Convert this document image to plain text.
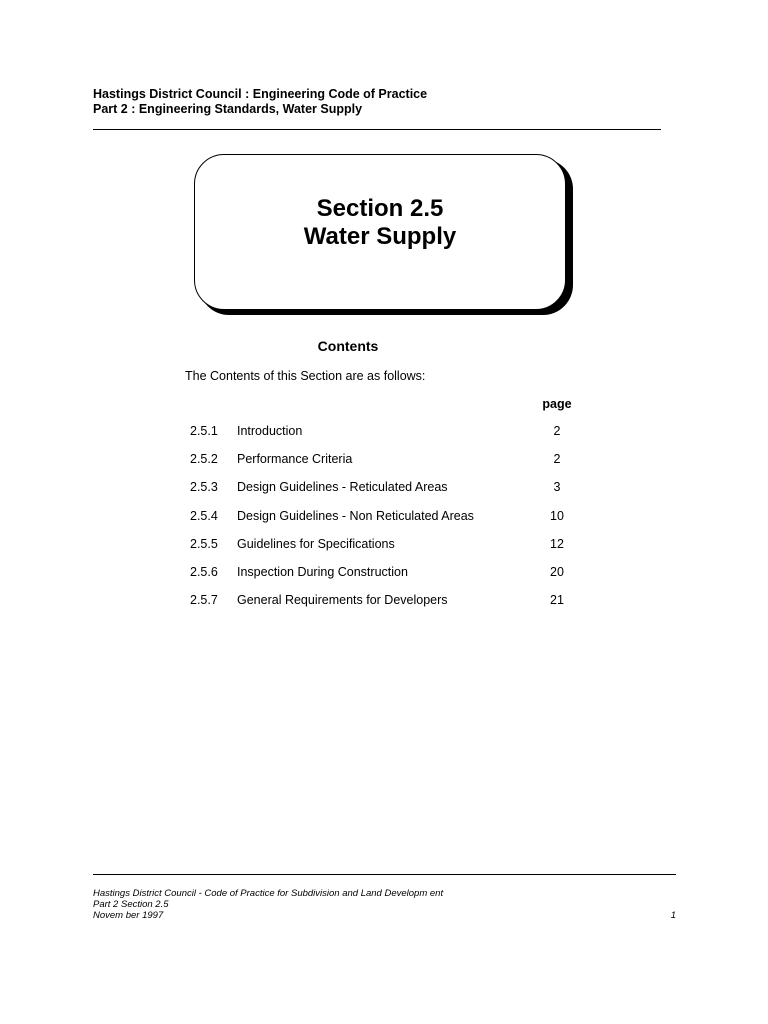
Hastings District Council : Engineering Code of Practice
Part 2 : Engineering Standards, Water Supply
Section 2.5
Water Supply
Contents
The Contents of this Section are as follows:
page
2.5.1 Introduction	2
2.5.2 Performance Criteria	2
2.5.3 Design Guidelines - Reticulated Areas	3
2.5.4 Design Guidelines - Non Reticulated Areas	10
2.5.5 Guidelines for Specifications	12
2.5.6 Inspection During Construction	20
2.5.7 General Requirements for Developers	21
Hastings District Council - Code of Practice for Subdivision and Land Developm ent
Part 2 Section 2.5
Novem ber 1997	1
